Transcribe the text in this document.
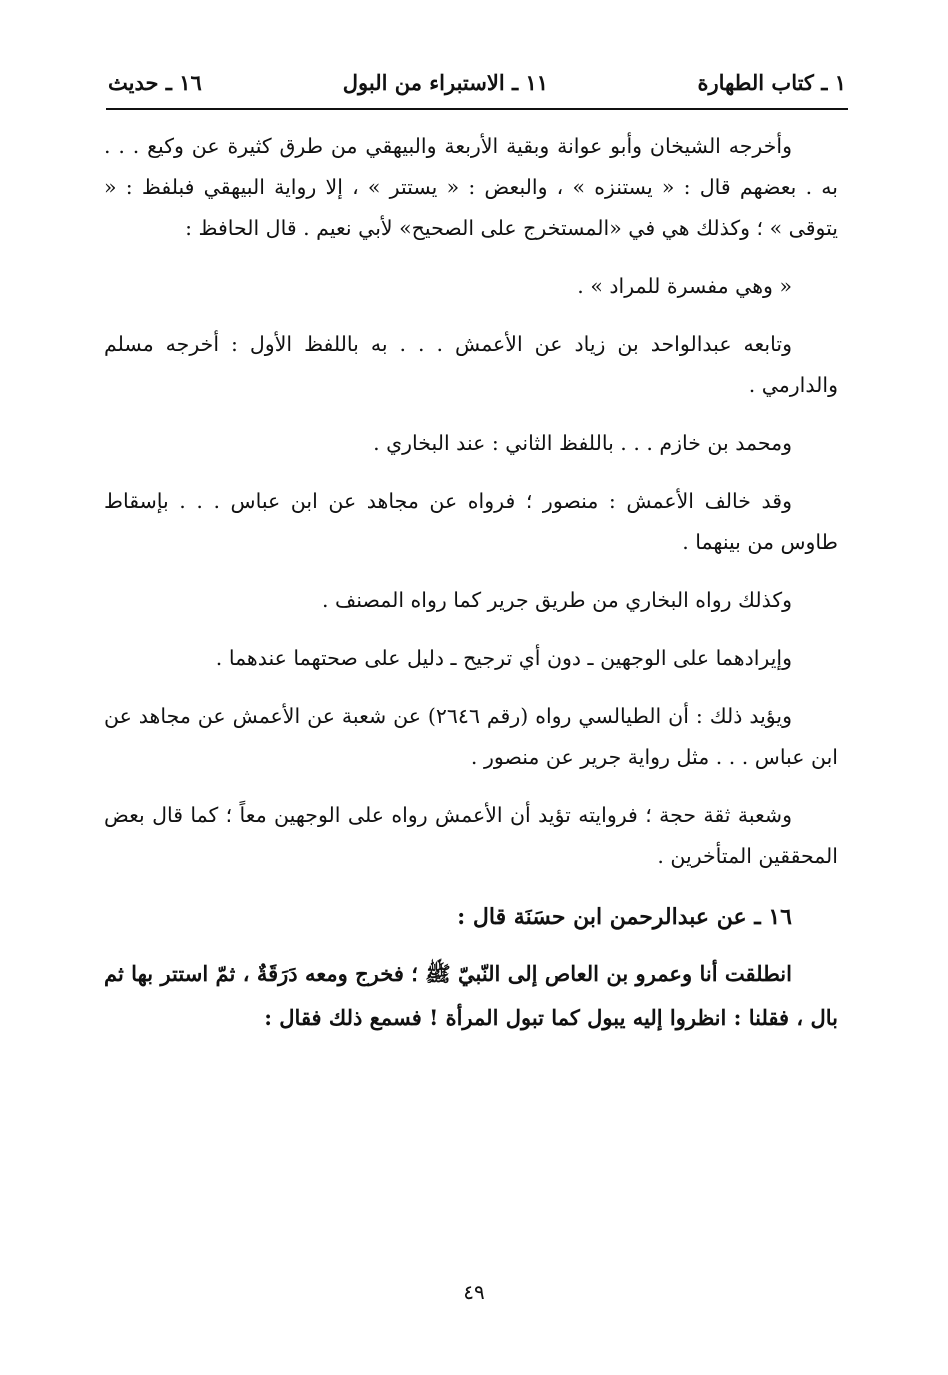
١ ـ كتاب الطهارة
١١ ـ الاستبراء من البول
١٦ ـ حديث

وأخرجه الشيخان وأبو عوانة وبقية الأربعة والبيهقي من طرق كثيرة عن وكيع . . . به . بعضهم قال : « يستنزه » ، والبعض : « يستتر » ، إلا رواية البيهقي فبلفظ : « يتوقى » ؛ وكذلك هي في «المستخرج على الصحيح» لأبي نعيم . قال الحافظ :

« وهي مفسرة للمراد » .

وتابعه عبدالواحد بن زياد عن الأعمش . . . به باللفظ الأول : أخرجه مسلم والدارمي .

ومحمد بن خازم . . . باللفظ الثاني : عند البخاري .

وقد خالف الأعمش : منصور ؛ فرواه عن مجاهد عن ابن عباس . . . بإسقاط طاوس من بينهما .

وكذلك رواه البخاري من طريق جرير كما رواه المصنف .

وإيرادهما على الوجهين ـ دون أي ترجيح ـ دليل على صحتهما عندهما .

ويؤيد ذلك : أن الطيالسي رواه (رقم ٢٦٤٦) عن شعبة عن الأعمش عن مجاهد عن ابن عباس . . . مثل رواية جرير عن منصور .

وشعبة ثقة حجة ؛ فروايته تؤيد أن الأعمش رواه على الوجهين معاً ؛ كما قال بعض المحققين المتأخرين .

١٦ ـ عن عبدالرحمن ابن حسَنَة قال :

انطلقت أنا وعمرو بن العاص إلى النّبيّ ﷺ ؛ فخرج ومعه دَرَقَةٌ ، ثمّ استتر بها ثم بال ، فقلنا : انظروا إليه يبول كما تبول المرأة ! فسمع ذلك فقال :

٤٩
